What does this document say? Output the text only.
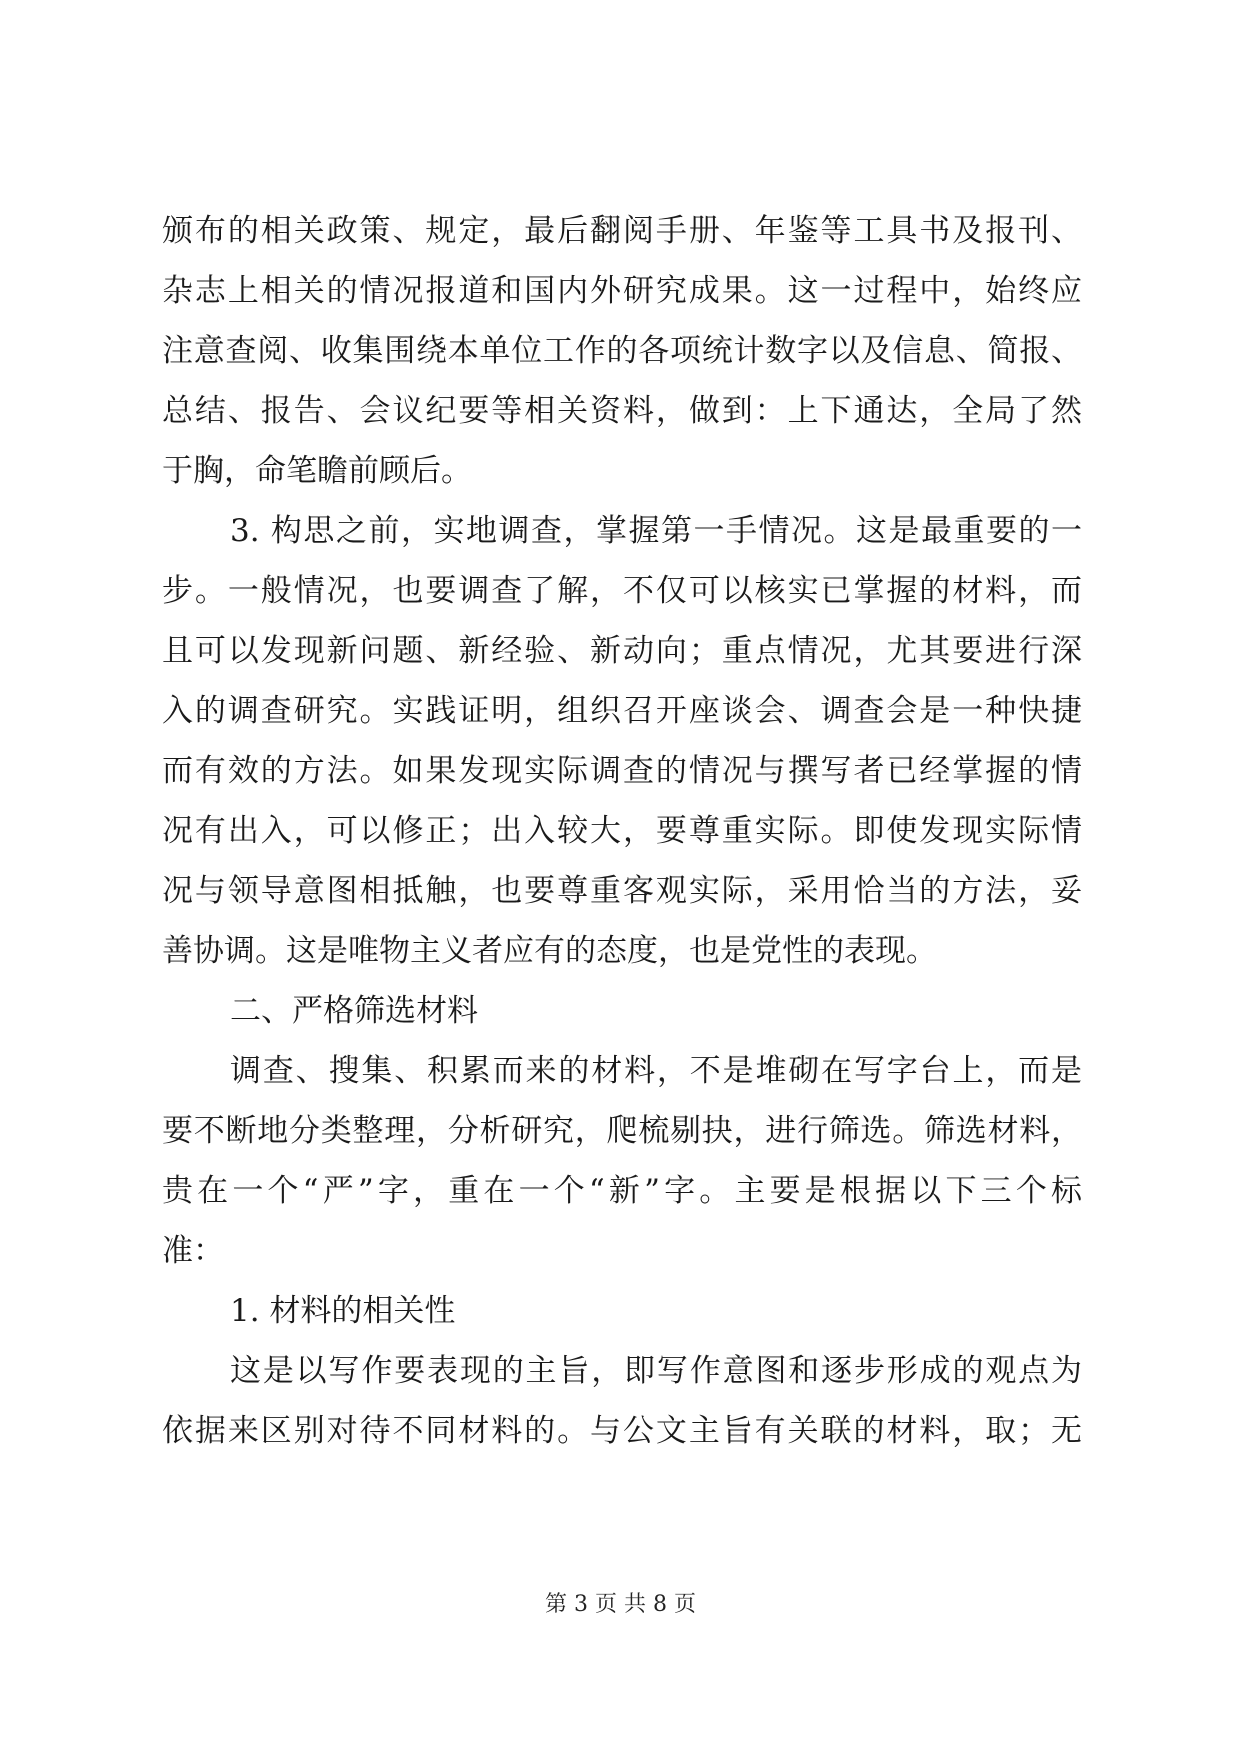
颁布的相关政策、规定，最后翻阅手册、年鉴等工具书及报刊、
杂志上相关的情况报道和国内外研究成果。这一过程中，始终应
注意查阅、收集围绕本单位工作的各项统计数字以及信息、简报、
总结、报告、会议纪要等相关资料，做到：上下通达，全局了然
于胸，命笔瞻前顾后。
3. 构思之前，实地调查，掌握第一手情况。这是最重要的一
步。一般情况，也要调查了解，不仅可以核实已掌握的材料，而
且可以发现新问题、新经验、新动向；重点情况，尤其要进行深
入的调查研究。实践证明，组织召开座谈会、调查会是一种快捷
而有效的方法。如果发现实际调查的情况与撰写者已经掌握的情
况有出入，可以修正；出入较大，要尊重实际。即使发现实际情
况与领导意图相抵触，也要尊重客观实际，采用恰当的方法，妥
善协调。这是唯物主义者应有的态度，也是党性的表现。
二、严格筛选材料
调查、搜集、积累而来的材料，不是堆砌在写字台上，而是
要不断地分类整理，分析研究，爬梳剔抉，进行筛选。筛选材料，
贵在一个“严”字，重在一个“新”字。主要是根据以下三个标
准：
1. 材料的相关性
这是以写作要表现的主旨，即写作意图和逐步形成的观点为
依据来区别对待不同材料的。与公文主旨有关联的材料，取；无
第 3 页 共 8 页
